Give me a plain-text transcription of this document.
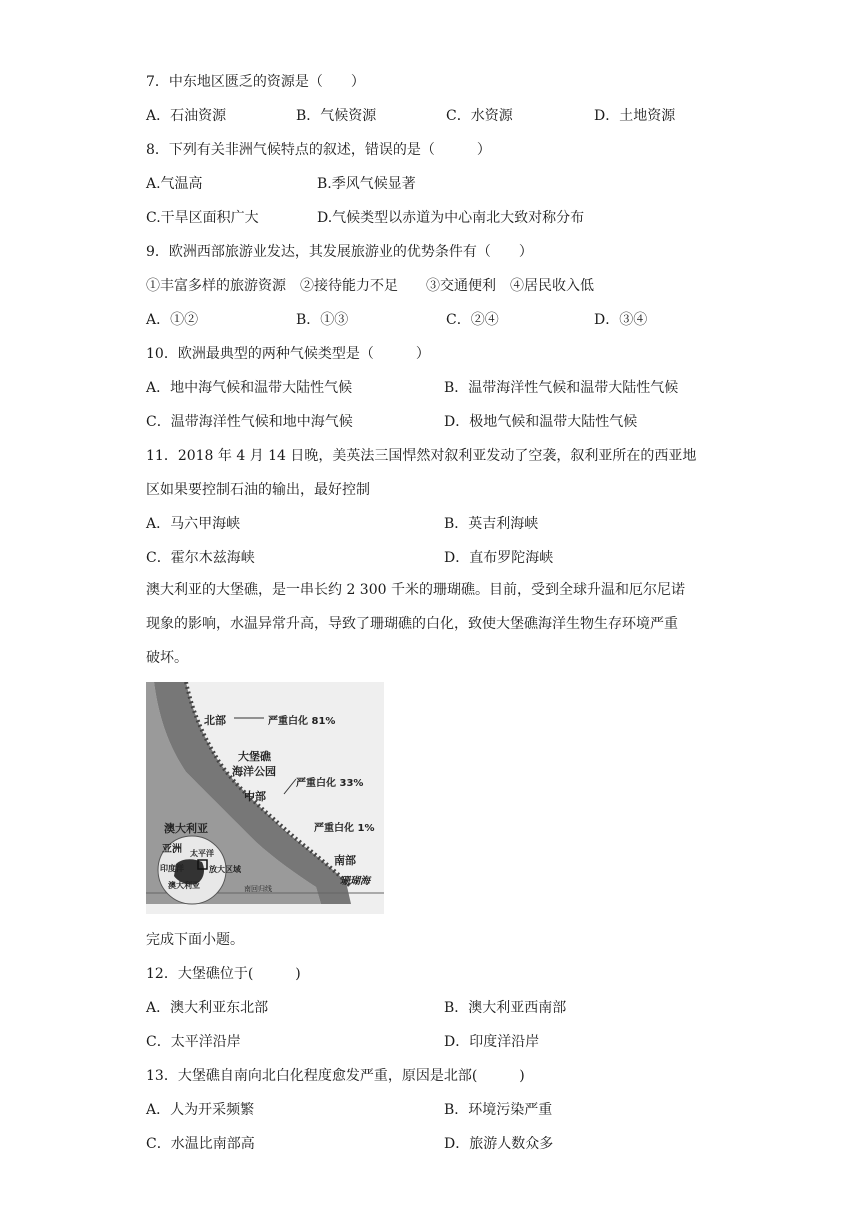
7．中东地区匮乏的资源是（　　）
A．石油资源	B．气候资源	C．水资源	D．土地资源
8．下列有关非洲气候特点的叙述，错误的是（　　　）
A.气温高	B.季风气候显著
C.干旱区面积广大	D.气候类型以赤道为中心南北大致对称分布
9．欧洲西部旅游业发达，其发展旅游业的优势条件有（　　）
①丰富多样的旅游资源　②接待能力不足　　③交通便利　④居民收入低
A．①②	B．①③	C．②④	D．③④
10．欧洲最典型的两种气候类型是（　　　）
A．地中海气候和温带大陆性气候	B．温带海洋性气候和温带大陆性气候
C．温带海洋性气候和地中海气候	D．极地气候和温带大陆性气候
11．2018 年 4 月 14 日晚，美英法三国悍然对叙利亚发动了空袭，叙利亚所在的西亚地
区如果要控制石油的输出，最好控制
A．马六甲海峡	B．英吉利海峡
C．霍尔木兹海峡	D．直布罗陀海峡
澳大利亚的大堡礁，是一串长约 2 300 千米的珊瑚礁。目前，受到全球升温和厄尔尼诺
现象的影响，水温异常升高，导致了珊瑚礁的白化，致使大堡礁海洋生物生存环境严重
破坏。
北部	严重白化 81%
大堡礁
海洋公园
严重白化 33%
中部
严重白化 1%
澳大利亚
南部
珊瑚海
亚洲 太平洋
印度洋	放大区域
澳大利亚	南回归线
完成下面小题。
12．大堡礁位于(　　　)
A．澳大利亚东北部	B．澳大利亚西南部
C．太平洋沿岸	D．印度洋沿岸
13．大堡礁自南向北白化程度愈发严重，原因是北部(　　　)
A．人为开采频繁	B．环境污染严重
C．水温比南部高	D．旅游人数众多
